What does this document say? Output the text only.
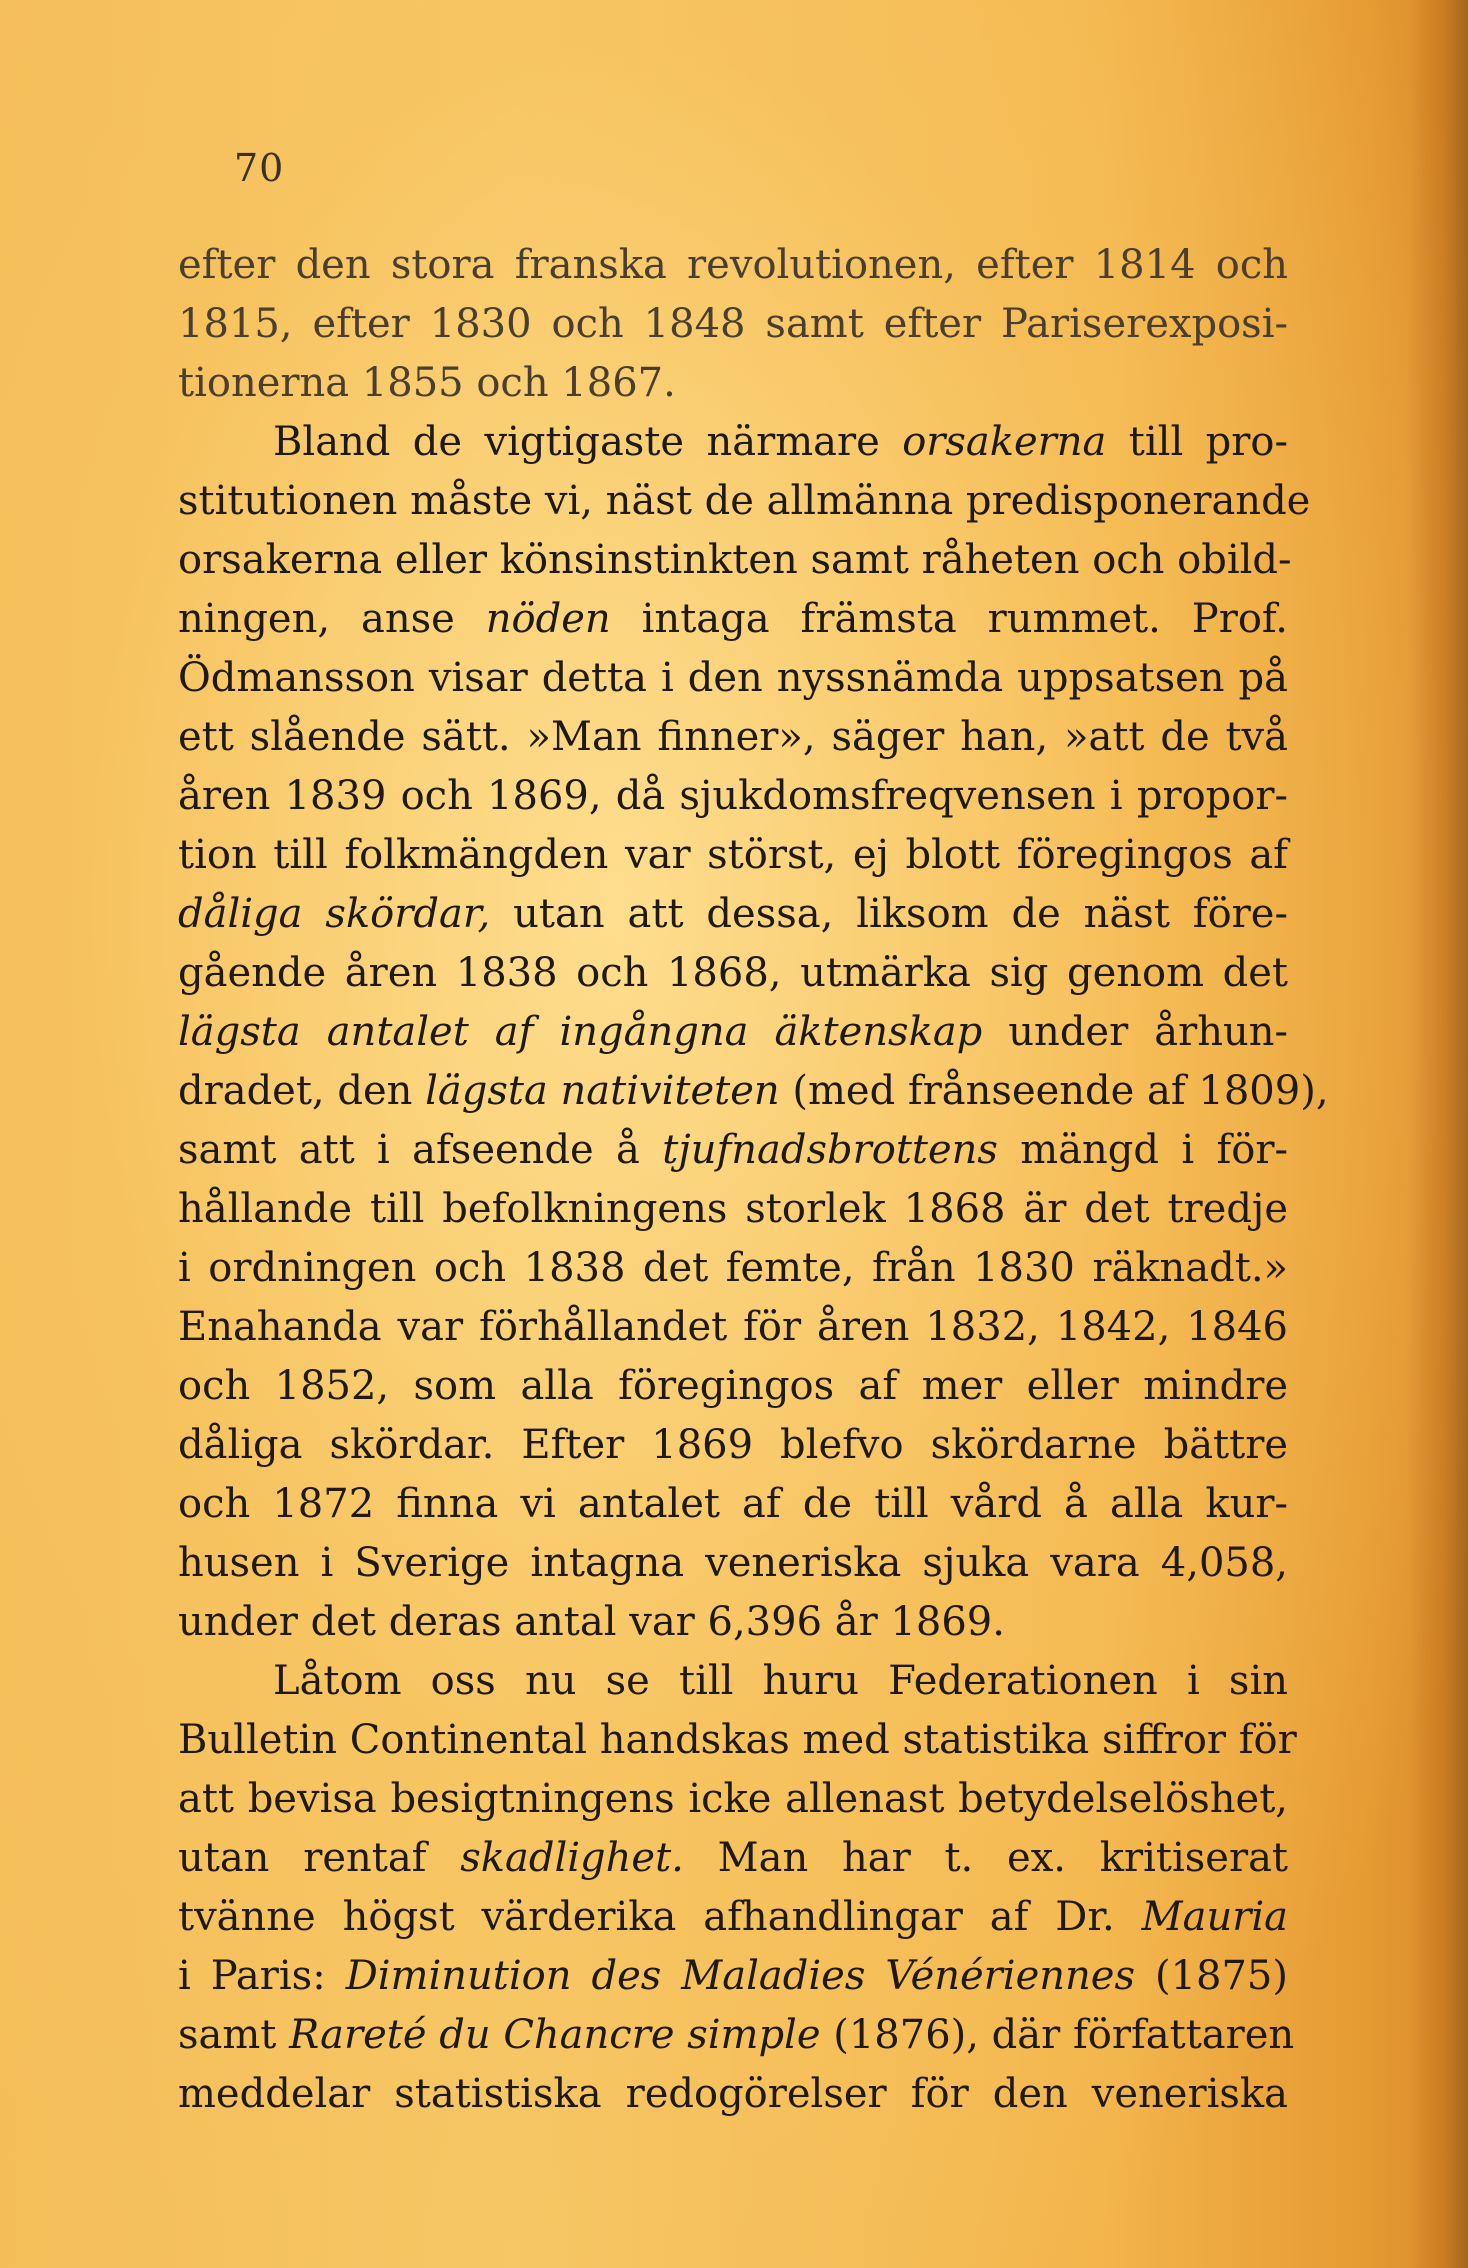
70
efter den stora franska revolutionen, efter 1814 och
1815, efter 1830 och 1848 samt efter Pariserexposi-
tionerna 1855 och 1867.
Bland de vigtigaste närmare orsakerna till pro-
stitutionen måste vi, näst de allmänna predisponerande
orsakerna eller könsinstinkten samt råheten och obild-
ningen, anse nöden intaga främsta rummet. Prof.
Ödmansson visar detta i den nyssnämda uppsatsen på
ett slående sätt. »Man finner», säger han, »att de två
åren 1839 och 1869, då sjukdomsfreqvensen i propor-
tion till folkmängden var störst, ej blott föregingos af
dåliga skördar, utan att dessa, liksom de näst före-
gående åren 1838 och 1868, utmärka sig genom det
lägsta antalet af ingångna äktenskap under århun-
dradet, den lägsta nativiteten (med frånseende af 1809),
samt att i afseende å tjufnadsbrottens mängd i för-
hållande till befolkningens storlek 1868 är det tredje
i ordningen och 1838 det femte, från 1830 räknadt.»
Enahanda var förhållandet för åren 1832, 1842, 1846
och 1852, som alla föregingos af mer eller mindre
dåliga skördar. Efter 1869 blefvo skördarne bättre
och 1872 finna vi antalet af de till vård å alla kur-
husen i Sverige intagna veneriska sjuka vara 4,058,
under det deras antal var 6,396 år 1869.
Låtom oss nu se till huru Federationen i sin
Bulletin Continental handskas med statistika siffror för
att bevisa besigtningens icke allenast betydelselöshet,
utan rentaf skadlighet. Man har t. ex. kritiserat
tvänne högst värderika afhandlingar af Dr. Mauria
i Paris: Diminution des Maladies Vénériennes (1875)
samt Rareté du Chancre simple (1876), där författaren
meddelar statistiska redogörelser för den veneriska
